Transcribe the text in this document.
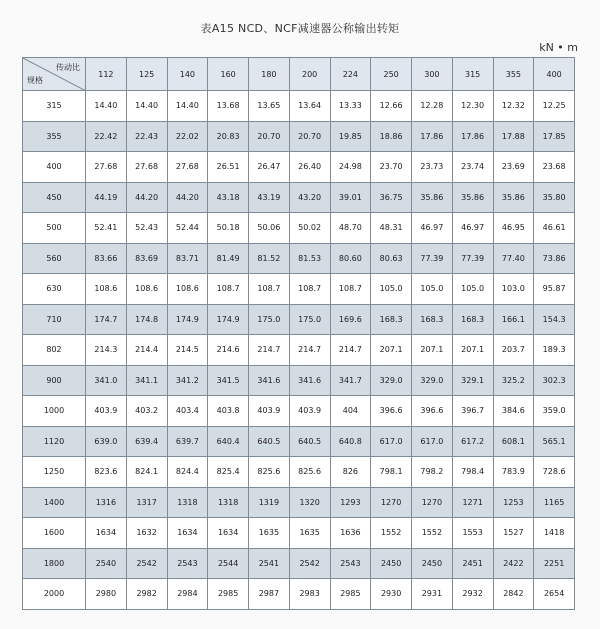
表A15 NCD、NCF减速器公称输出转矩
kN • m
传动比
规格	112	125	140	160	180	200	224	250	300	315	355	400
315	14.40	14.40	14.40	13.68	13.65	13.64	13.33	12.66	12.28	12.30	12.32	12.25
355	22.42	22.43	22.02	20.83	20.70	20.70	19.85	18.86	17.86	17.86	17.88	17.85
400	27.68	27.68	27.68	26.51	26.47	26.40	24.98	23.70	23.73	23.74	23.69	23.68
450	44.19	44.20	44.20	43.18	43.19	43.20	39.01	36.75	35.86	35.86	35.86	35.80
500	52.41	52.43	52.44	50.18	50.06	50.02	48.70	48.31	46.97	46.97	46.95	46.61
560	83.66	83.69	83.71	81.49	81.52	81.53	80.60	80.63	77.39	77.39	77.40	73.86
630	108.6	108.6	108.6	108.7	108.7	108.7	108.7	105.0	105.0	105.0	103.0	95.87
710	174.7	174.8	174.9	174.9	175.0	175.0	169.6	168.3	168.3	168.3	166.1	154.3
802	214.3	214.4	214.5	214.6	214.7	214.7	214.7	207.1	207.1	207.1	203.7	189.3
900	341.0	341.1	341.2	341.5	341.6	341.6	341.7	329.0	329.0	329.1	325.2	302.3
1000	403.9	403.2	403.4	403.8	403.9	403.9	404	396.6	396.6	396.7	384.6	359.0
1120	639.0	639.4	639.7	640.4	640.5	640.5	640.8	617.0	617.0	617.2	608.1	565.1
1250	823.6	824.1	824.4	825.4	825.6	825.6	826	798.1	798.2	798.4	783.9	728.6
1400	1316	1317	1318	1318	1319	1320	1293	1270	1270	1271	1253	1165
1600	1634	1632	1634	1634	1635	1635	1636	1552	1552	1553	1527	1418
1800	2540	2542	2543	2544	2541	2542	2543	2450	2450	2451	2422	2251
2000	2980	2982	2984	2985	2987	2983	2985	2930	2931	2932	2842	2654
